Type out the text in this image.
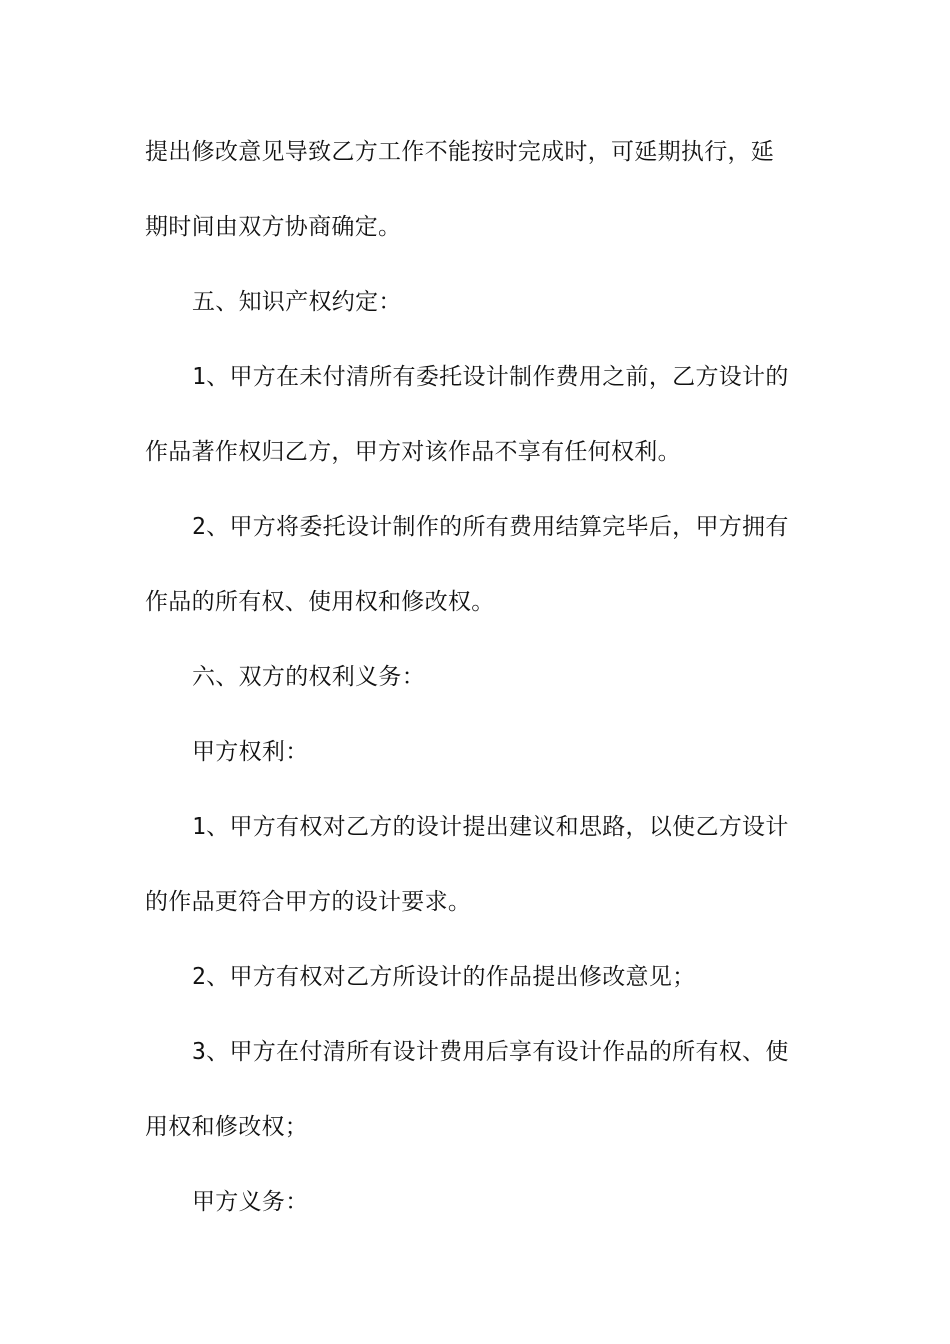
提出修改意见导致乙方工作不能按时完成时，可延期执行，延
期时间由双方协商确定。
五、知识产权约定：
1、甲方在未付清所有委托设计制作费用之前，乙方设计的
作品著作权归乙方，甲方对该作品不享有任何权利。
2、甲方将委托设计制作的所有费用结算完毕后，甲方拥有
作品的所有权、使用权和修改权。
六、双方的权利义务：
甲方权利：
1、甲方有权对乙方的设计提出建议和思路，以使乙方设计
的作品更符合甲方的设计要求。
2、甲方有权对乙方所设计的作品提出修改意见；
3、甲方在付清所有设计费用后享有设计作品的所有权、使
用权和修改权；
甲方义务：
